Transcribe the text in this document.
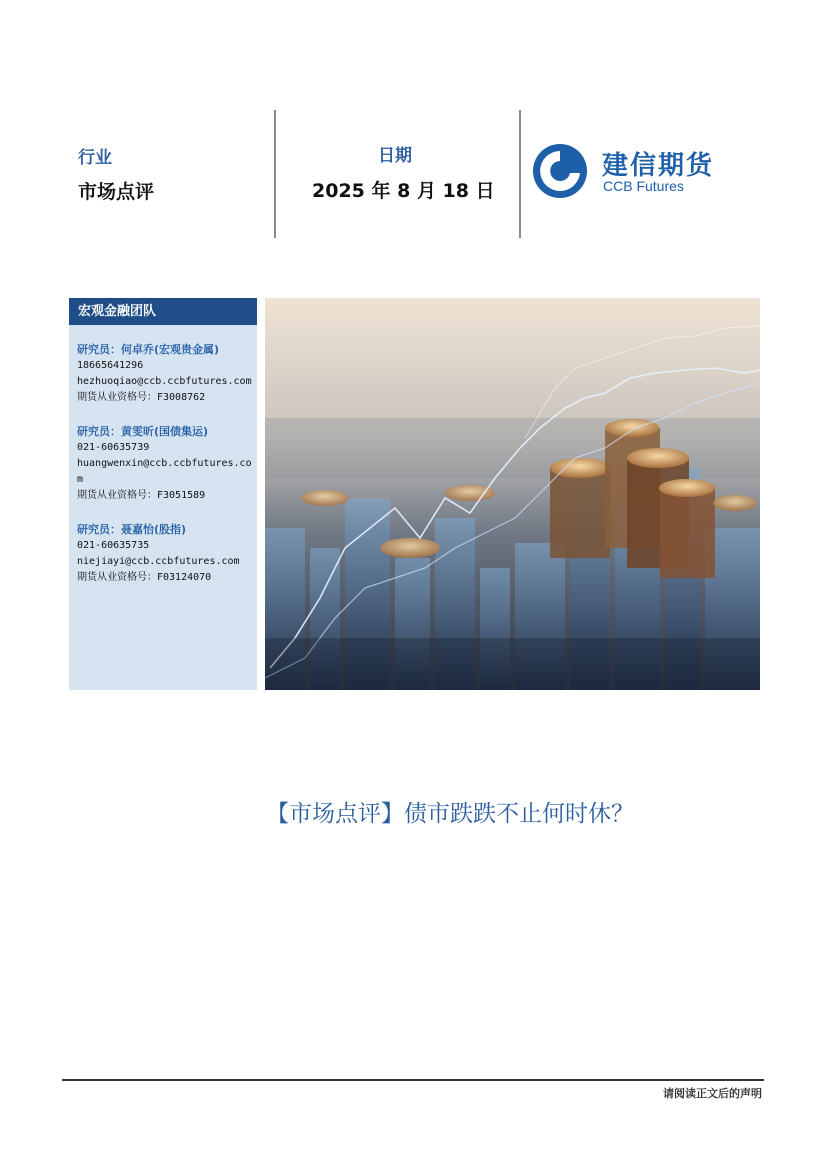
行业
市场点评
日期
2025 年 8 月 18 日
建信期货
CCB Futures
宏观金融团队
研究员：何卓乔(宏观贵金属)
18665641296
hezhuoqiao@ccb.ccbfutures.com
期货从业资格号：F3008762
研究员：黄雯昕(国债集运)
021-60635739
huangwenxin@ccb.ccbfutures.com
期货从业资格号：F3051589
研究员：聂嘉怡(股指)
021-60635735
niejiayi@ccb.ccbfutures.com
期货从业资格号：F03124070
【市场点评】债市跌跌不止何时休？
请阅读正文后的声明
